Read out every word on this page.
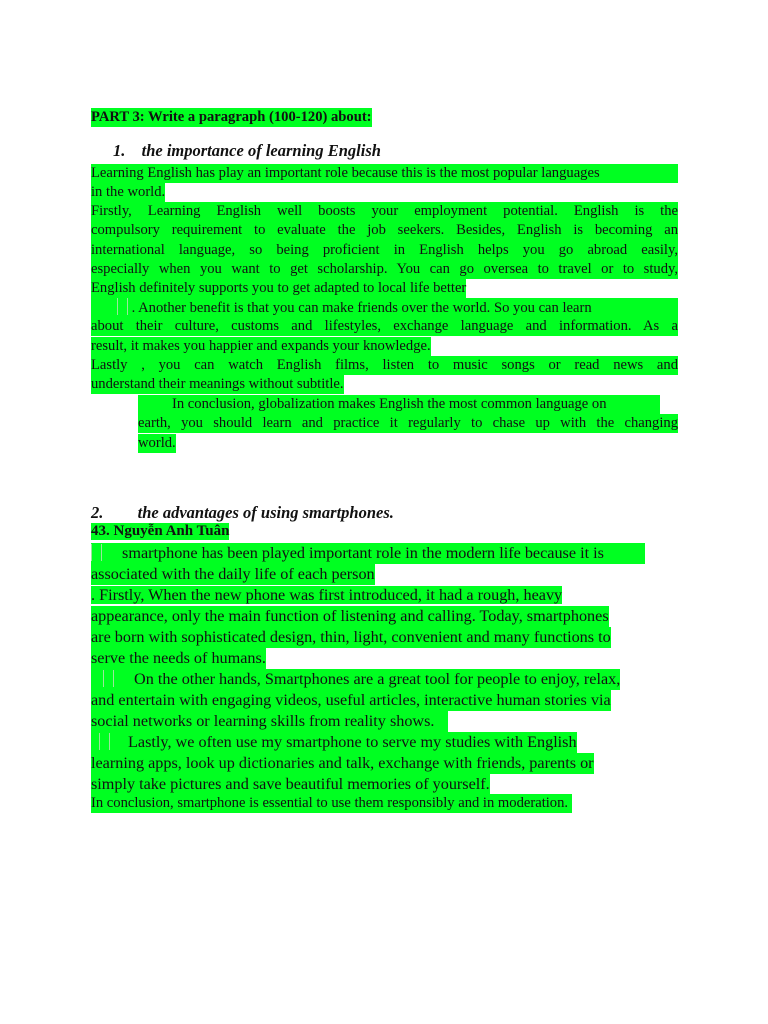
PART 3: Write a paragraph (100-120) about:
1. the importance of learning English
Learning English has play an important role because this is the most popular languages
in the world.
Firstly, Learning English well boosts your employment potential. English is the
compulsory requirement to evaluate the job seekers. Besides, English is becoming an
international language, so being proficient in English helps you go abroad easily,
especially when you want to get scholarship. You can go oversea to travel or to study,
English definitely supports you to get adapted to local life better
. Another benefit is that you can make friends over the world. So you can learn
about their culture, customs and lifestyles, exchange language and information. As a
result, it makes you happier and expands your knowledge.
Lastly , you can watch English films, listen to music songs or read news and
understand their meanings without subtitle.
In conclusion, globalization makes English the most common language on
earth, you should learn and practice it regularly to chase up with the changing
world.
2. the advantages of using smartphones.
43. Nguyễn Anh Tuân
smartphone has been played important role in the modern life because it is
associated with the daily life of each person
. Firstly, When the new phone was first introduced, it had a rough, heavy
appearance, only the main function of listening and calling. Today, smartphones
are born with sophisticated design, thin, light, convenient and many functions to
serve the needs of humans.
On the other hands, Smartphones are a great tool for people to enjoy, relax,
and entertain with engaging videos, useful articles, interactive human stories via
social networks or learning skills from reality shows.
Lastly, we often use my smartphone to serve my studies with English
learning apps, look up dictionaries and talk, exchange with friends, parents or
simply take pictures and save beautiful memories of yourself.
In conclusion, smartphone is essential to use them responsibly and in moderation.
